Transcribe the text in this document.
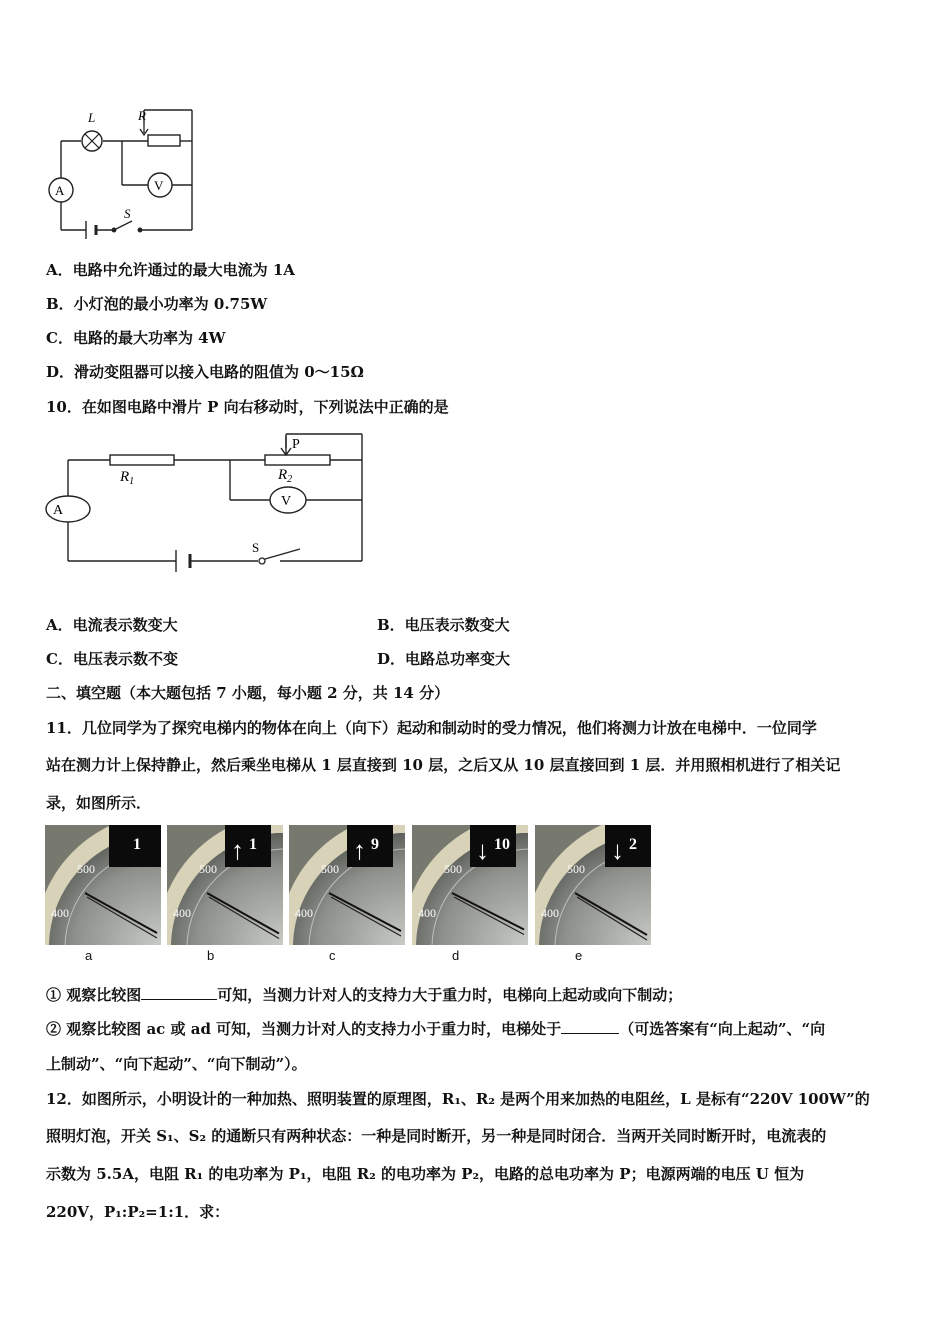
L	R
V
A
S
A．电路中允许通过的最大电流为 1A
B．小灯泡的最小功率为 0.75W
C．电路的最大功率为 4W
D．滑动变阻器可以接入电路的阻值为 0～15Ω
10．在如图电路中滑片 P 向右移动时，下列说法中正确的是
$R_1$	$R_2$
P
V
A
S
A．电流表示数变大	B．电压表示数变大
C．电压表示数不变	D．电路总功率变大
二、填空题（本大题包括 7 小题，每小题 2 分，共 14 分）
11．几位同学为了探究电梯内的物体在向上（向下）起动和制动时的受力情况，他们将测力计放在电梯中．一位同学
站在测力计上保持静止，然后乘坐电梯从 1 层直接到 10 层，之后又从 10 层直接回到 1 层．并用照相机进行了相关记
录，如图所示．
500
400
1
a
500
400
↑ 1
b
500
400
↑ 9
c
500
400
↓ 10
d
500
400
↓ 2
e
① 观察比较图	可知，当测力计对人的支持力大于重力时，电梯向上起动或向下制动；
② 观察比较图 ac 或 ad 可知，当测力计对人的支持力小于重力时，电梯处于	（可选答案有“向上起动”、“向
上制动”、“向下起动”、“向下制动”）。
12．如图所示，小明设计的一种加热、照明装置的原理图，R₁、R₂ 是两个用来加热的电阻丝，L 是标有“220V 100W”的
照明灯泡，开关 S₁、S₂ 的通断只有两种状态：一种是同时断开，另一种是同时闭合．当两开关同时断开时，电流表的
示数为 5.5A，电阻 R₁ 的电功率为 P₁，电阻 R₂ 的电功率为 P₂，电路的总电功率为 P；电源两端的电压 U 恒为
220V，P₁:P₂=1:1．求：
